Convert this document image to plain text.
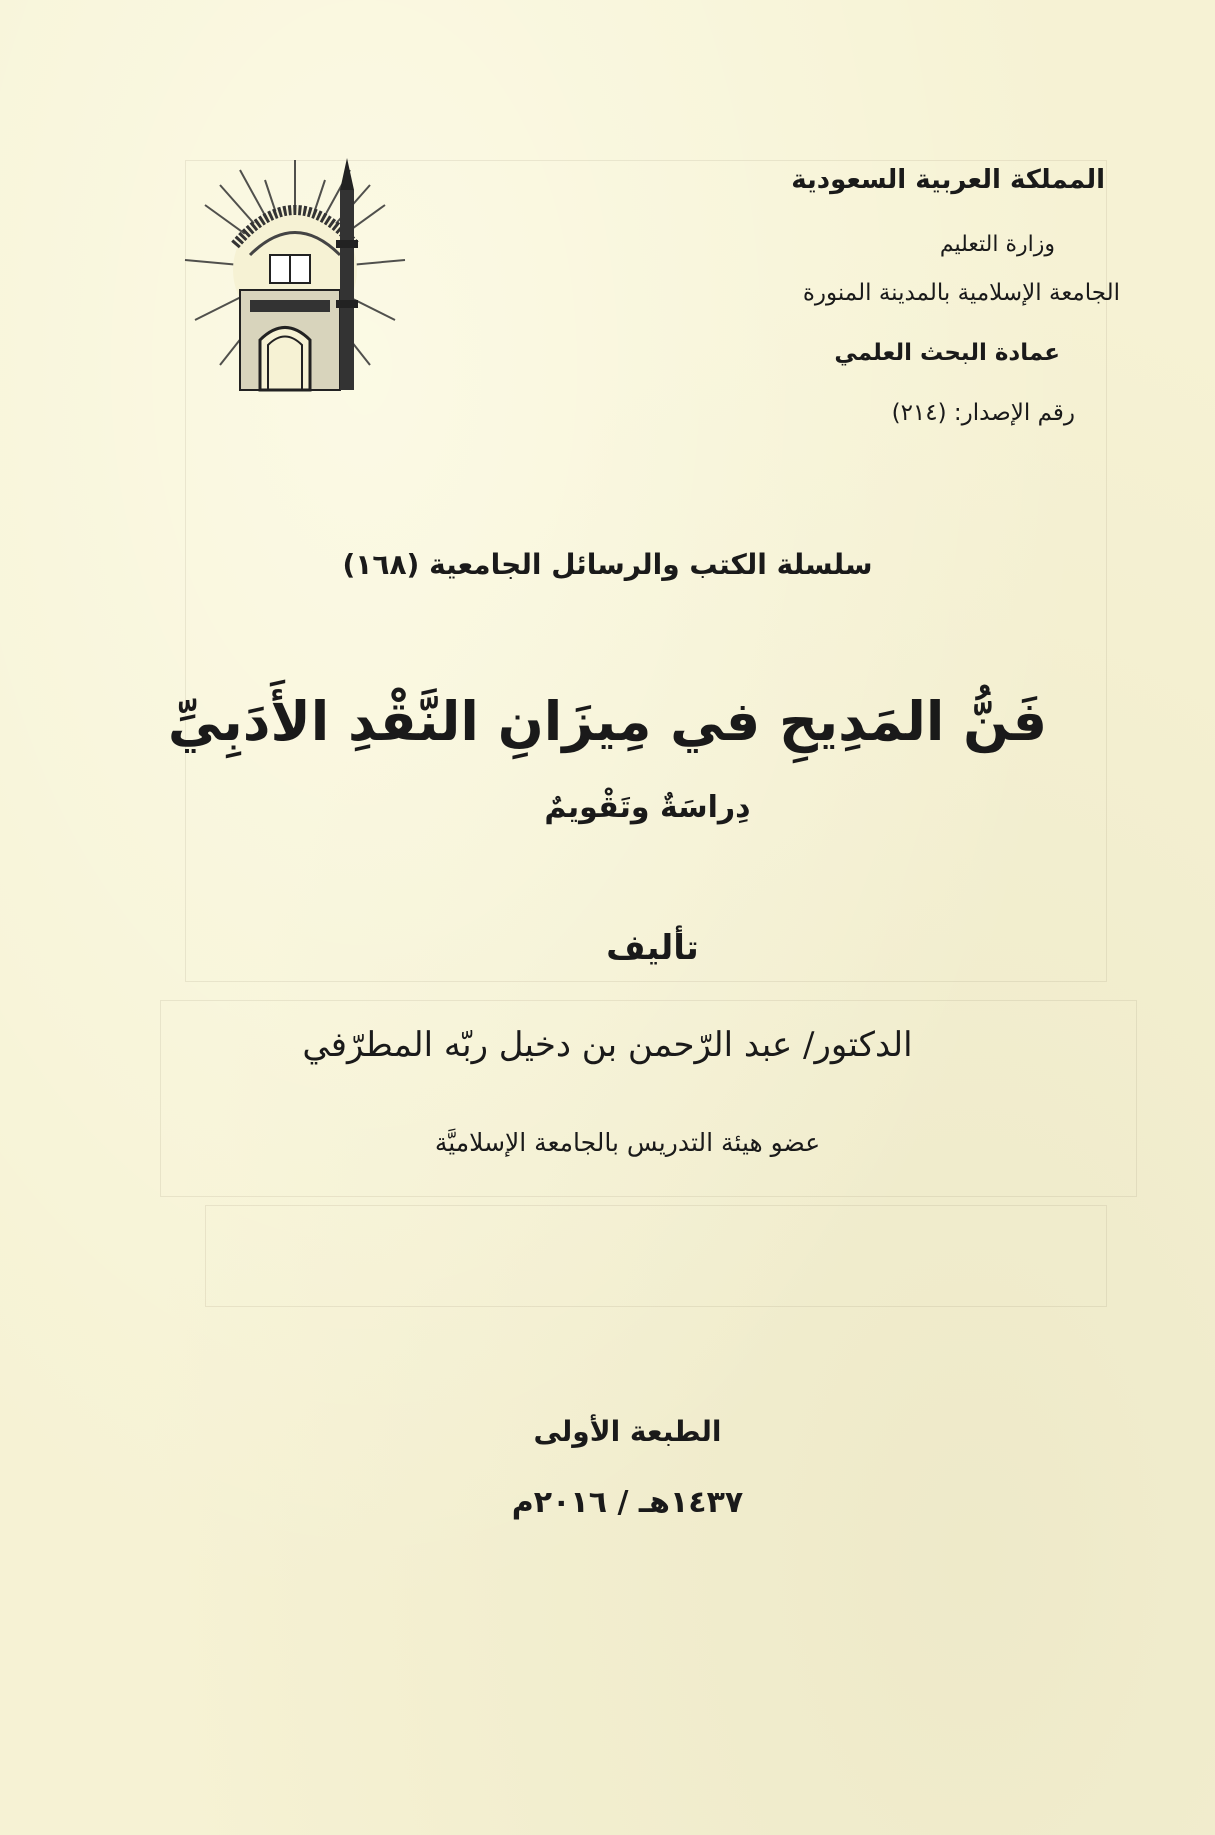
المملكة العربية السعودية
وزارة التعليم
الجامعة الإسلامية بالمدينة المنورة
عمادة البحث العلمي
رقم الإصدار: (٢١٤)
سلسلة الكتب والرسائل الجامعية (١٦٨)
فَنُّ المَدِيحِ في مِيزَانِ النَّقْدِ الأَدَبِيِّ
دِراسَةٌ وتَقْويمٌ
تأليف
الدكتور/ عبد الرّحمن بن دخيل ربّه المطرّفي
عضو هيئة التدريس بالجامعة الإسلاميَّة
الطبعة الأولى
١٤٣٧هـ / ٢٠١٦م
